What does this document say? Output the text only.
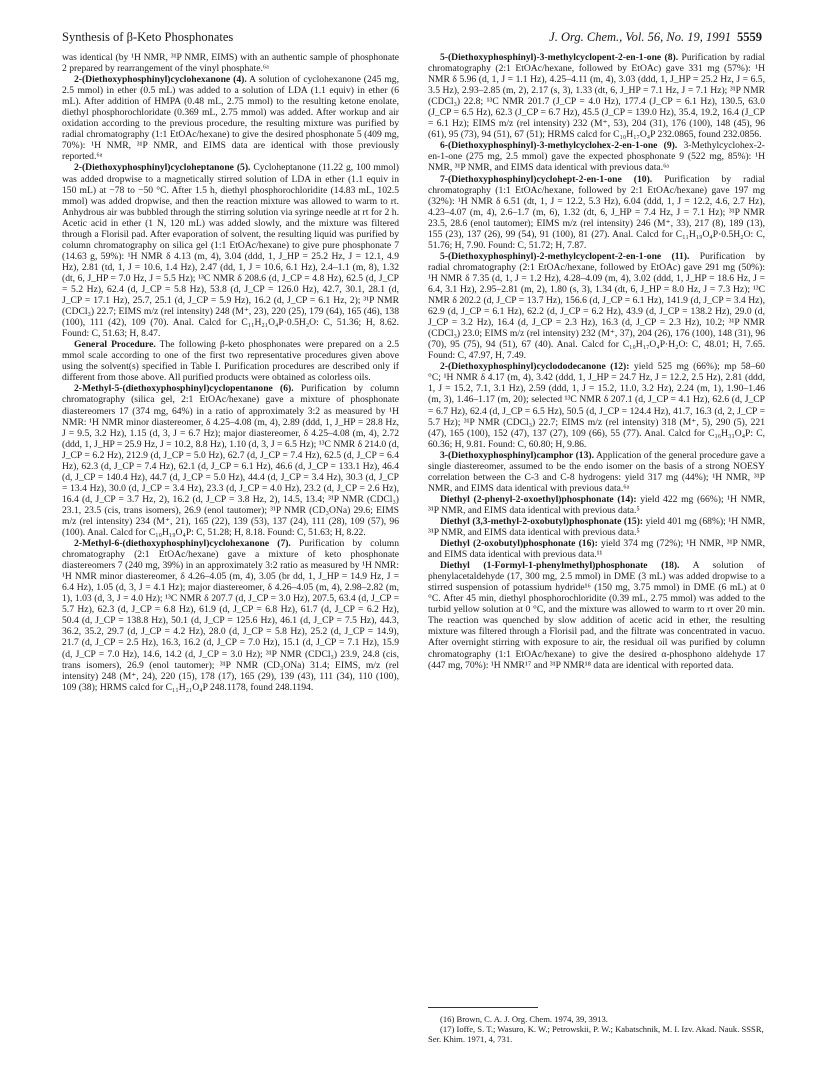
Synthesis of β-Keto Phosphonates	J. Org. Chem., Vol. 56, No. 19, 1991 5559

was identical (by ¹H NMR, ³¹P NMR, EIMS) with an authentic sample of phosphonate 2 prepared by rearrangement of the vinyl phosphate.⁶ᵃ

2-(Diethoxyphosphinyl)cyclohexanone (4). A solution of cyclohexanone (245 mg, 2.5 mmol) in ether (0.5 mL) was added to a solution of LDA (1.1 equiv) in ether (6 mL). After addition of HMPA (0.48 mL, 2.75 mmol) to the resulting ketone enolate, diethyl phosphorochloridate (0.369 mL, 2.75 mmol) was added. After workup and air oxidation according to the previous procedure, the resulting mixture was purified by radial chromatography (1:1 EtOAc/hexane) to give the desired phosphonate 5 (409 mg, 70%): ¹H NMR, ³¹P NMR, and EIMS data are identical with those previously reported.⁶ᵃ

2-(Diethoxyphosphinyl)cycloheptanone (5). Cycloheptanone (11.22 g, 100 mmol) was added dropwise to a magnetically stirred solution of LDA in ether (1.1 equiv in 150 mL) at −78 to −50 °C. After 1.5 h, diethyl phosphorochloridite (14.83 mL, 102.5 mmol) was added dropwise, and then the reaction mixture was allowed to warm to rt. Anhydrous air was bubbled through the stirring solution via syringe needle at rt for 2 h. Acetic acid in ether (1 N, 120 mL) was added slowly, and the mixture was filtered through a Florisil pad. After evaporation of solvent, the resulting liquid was purified by column chromatography on silica gel (1:1 EtOAc/hexane) to give pure phosphonate 7 (14.63 g, 59%): ¹H NMR δ 4.13 (m, 4), 3.04 (ddd, 1, J_HP = 25.2 Hz, J = 12.1, 4.9 Hz), 2.81 (td, 1, J = 10.6, 1.4 Hz), 2.47 (dd, 1, J = 10.6, 6.1 Hz), 2.4–1.1 (m, 8), 1.32 (dt, 6, J_HP = 7.0 Hz, J = 5.5 Hz); ¹³C NMR δ 208.6 (d, J_CP = 4.8 Hz), 62.5 (d, J_CP = 5.2 Hz), 62.4 (d, J_CP = 5.8 Hz), 53.8 (d, J_CP = 126.0 Hz), 42.7, 30.1, 28.1 (d, J_CP = 17.1 Hz), 25.7, 25.1 (d, J_CP = 5.9 Hz), 16.2 (d, J_CP = 6.1 Hz, 2); ³¹P NMR (CDCl₃) 22.7; EIMS m/z (rel intensity) 248 (M⁺, 23), 220 (25), 179 (64), 165 (46), 138 (100), 111 (42), 109 (70). Anal. Calcd for C₁₁H₂₁O₄P·0.5H₂O: C, 51.36; H, 8.62. Found: C, 51.63; H, 8.47.

General Procedure. The following β-keto phosphonates were prepared on a 2.5 mmol scale according to one of the first two representative procedures given above using the solvent(s) specified in Table I. Purification procedures are described only if different from those above. All purified products were obtained as colorless oils.

2-Methyl-5-(diethoxyphosphinyl)cyclopentanone (6). Purification by column chromatography (silica gel, 2:1 EtOAc/hexane) gave a mixture of phosphonate diastereomers 17 (374 mg, 64%) in a ratio of approximately 3:2 as measured by ¹H NMR: ¹H NMR minor diastereomer, δ 4.25–4.08 (m, 4), 2.89 (ddd, 1, J_HP = 28.8 Hz, J = 9.5, 3.2 Hz), 1.15 (d, 3, J = 6.7 Hz); major diastereomer, δ 4.25–4.08 (m, 4), 2.72 (ddd, 1, J_HP = 25.9 Hz, J = 10.2, 8.8 Hz), 1.10 (d, 3, J = 6.5 Hz); ¹³C NMR δ 214.0 (d, J_CP = 6.2 Hz), 212.9 (d, J_CP = 5.0 Hz), 62.7 (d, J_CP = 7.4 Hz), 62.5 (d, J_CP = 6.4 Hz), 62.3 (d, J_CP = 7.4 Hz), 62.1 (d, J_CP = 6.1 Hz), 46.6 (d, J_CP = 133.1 Hz), 46.4 (d, J_CP = 140.4 Hz), 44.7 (d, J_CP = 5.0 Hz), 44.4 (d, J_CP = 3.4 Hz), 30.3 (d, J_CP = 13.4 Hz), 30.0 (d, J_CP = 3.4 Hz), 23.3 (d, J_CP = 4.0 Hz), 23.2 (d, J_CP = 2.6 Hz), 16.4 (d, J_CP = 3.7 Hz, 2), 16.2 (d, J_CP = 3.8 Hz, 2), 14.5, 13.4; ³¹P NMR (CDCl₃) 23.1, 23.5 (cis, trans isomers), 26.9 (enol tautomer); ³¹P NMR (CD₃ONa) 29.6; EIMS m/z (rel intensity) 234 (M⁺, 21), 165 (22), 139 (53), 137 (24), 111 (28), 109 (57), 96 (100). Anal. Calcd for C₁₀H₁₉O₄P: C, 51.28; H, 8.18. Found: C, 51.63; H, 8.22.

2-Methyl-6-(diethoxyphosphinyl)cyclohexanone (7). Purification by column chromatography (2:1 EtOAc/hexane) gave a mixture of keto phosphonate diastereomers 7 (240 mg, 39%) in an approximately 3:2 ratio as measured by ¹H NMR: ¹H NMR minor diastereomer, δ 4.26–4.05 (m, 4), 3.05 (br dd, 1, J_HP = 14.9 Hz, J = 6.4 Hz), 1.05 (d, 3, J = 4.1 Hz); major diastereomer, δ 4.26–4.05 (m, 4), 2.98–2.82 (m, 1), 1.03 (d, 3, J = 4.0 Hz); ¹³C NMR δ 207.7 (d, J_CP = 3.0 Hz), 207.5, 63.4 (d, J_CP = 5.7 Hz), 62.3 (d, J_CP = 6.8 Hz), 61.9 (d, J_CP = 6.8 Hz), 61.7 (d, J_CP = 6.2 Hz), 50.4 (d, J_CP = 138.8 Hz), 50.1 (d, J_CP = 125.6 Hz), 46.1 (d, J_CP = 7.5 Hz), 44.3, 36.2, 35.2, 29.7 (d, J_CP = 4.2 Hz), 28.0 (d, J_CP = 5.8 Hz), 25.2 (d, J_CP = 14.9), 21.7 (d, J_CP = 2.5 Hz), 16.3, 16.2 (d, J_CP = 7.0 Hz), 15.1 (d, J_CP = 7.1 Hz), 15.9 (d, J_CP = 7.0 Hz), 14.6, 14.2 (d, J_CP = 3.0 Hz); ³¹P NMR (CDCl₃) 23.9, 24.8 (cis, trans isomers), 26.9 (enol tautomer); ³¹P NMR (CD₃ONa) 31.4; EIMS, m/z (rel intensity) 248 (M⁺, 24), 220 (15), 178 (17), 165 (29), 139 (43), 111 (34), 110 (100), 109 (38); HRMS calcd for C₁₁H₂₁O₄P 248.1178, found 248.1194.

5-(Diethoxyphosphinyl)-3-methylcyclopent-2-en-1-one (8). Purification by radial chromatography (2:1 EtOAc/hexane, followed by EtOAc) gave 331 mg (57%): ¹H NMR δ 5.96 (d, 1, J = 1.1 Hz), 4.25–4.11 (m, 4), 3.03 (ddd, 1, J_HP = 25.2 Hz, J = 6.5, 3.5 Hz), 2.93–2.85 (m, 2), 2.17 (s, 3), 1.33 (dt, 6, J_HP = 7.1 Hz, J = 7.1 Hz); ³¹P NMR (CDCl₃) 22.8; ¹³C NMR 201.7 (J_CP = 4.0 Hz), 177.4 (J_CP = 6.1 Hz), 130.5, 63.0 (J_CP = 6.5 Hz), 62.3 (J_CP = 6.7 Hz), 45.5 (J_CP = 139.0 Hz), 35.4, 19.2, 16.4 (J_CP = 6.1 Hz); EIMS m/z (rel intensity) 232 (M⁺, 53), 204 (31), 176 (100), 148 (45), 96 (61), 95 (73), 94 (51), 67 (51); HRMS calcd for C₁₀H₁₇O₄P 232.0865, found 232.0856.

6-(Diethoxyphosphinyl)-3-methylcyclohex-2-en-1-one (9). 3-Methylcyclohex-2-en-1-one (275 mg, 2.5 mmol) gave the expected phosphonate 9 (522 mg, 85%): ¹H NMR, ³¹P NMR, and EIMS data identical with previous data.⁶ᵃ

7-(Diethoxyphosphinyl)cyclohept-2-en-1-one (10). Purification by radial chromatography (1:1 EtOAc/hexane, followed by 2:1 EtOAc/hexane) gave 197 mg (32%): ¹H NMR δ 6.51 (dt, 1, J = 12.2, 5.3 Hz), 6.04 (ddd, 1, J = 12.2, 4.6, 2.7 Hz), 4.23–4.07 (m, 4), 2.6–1.7 (m, 6), 1.32 (dt, 6, J_HP = 7.4 Hz, J = 7.1 Hz); ³¹P NMR 23.5, 28.6 (enol tautomer); EIMS m/z (rel intensity) 246 (M⁺, 33), 217 (8), 189 (13), 155 (23), 137 (26), 99 (54), 91 (100), 81 (27). Anal. Calcd for C₁₁H₁₉O₄P·0.5H₂O: C, 51.76; H, 7.90. Found: C, 51.72; H, 7.87.

5-(Diethoxyphosphinyl)-2-methylcyclopent-2-en-1-one (11). Purification by radial chromatography (2:1 EtOAc/hexane, followed by EtOAc) gave 291 mg (50%): ¹H NMR δ 7.35 (d, 1, J = 1.2 Hz), 4.28–4.09 (m, 4), 3.02 (ddd, 1, J_HP = 18.6 Hz, J = 6.4, 3.1 Hz), 2.95–2.81 (m, 2), 1.80 (s, 3), 1.34 (dt, 6, J_HP = 8.0 Hz, J = 7.3 Hz); ¹³C NMR δ 202.2 (d, J_CP = 13.7 Hz), 156.6 (d, J_CP = 6.1 Hz), 141.9 (d, J_CP = 3.4 Hz), 62.9 (d, J_CP = 6.1 Hz), 62.2 (d, J_CP = 6.2 Hz), 43.9 (d, J_CP = 138.2 Hz), 29.0 (d, J_CP = 3.2 Hz), 16.4 (d, J_CP = 2.3 Hz), 16.3 (d, J_CP = 2.3 Hz), 10.2; ³¹P NMR (CDCl₃) 23.0; EIMS m/z (rel intensity) 232 (M⁺, 37), 204 (26), 176 (100), 148 (31), 96 (70), 95 (75), 94 (51), 67 (40). Anal. Calcd for C₁₀H₁₇O₄P·H₂O: C, 48.01; H, 7.65. Found: C, 47.97, H, 7.49.

2-(Diethoxyphosphinyl)cyclododecanone (12): yield 525 mg (66%); mp 58–60 °C; ¹H NMR δ 4.17 (m, 4), 3.42 (ddd, 1, J_HP = 24.7 Hz, J = 12.2, 2.5 Hz), 2.81 (ddd, 1, J = 15.2, 7.1, 3.1 Hz), 2.59 (ddd, 1, J = 15.2, 11.0, 3.2 Hz), 2.24 (m, 1), 1.90–1.46 (m, 3), 1.46–1.17 (m, 20); selected ¹³C NMR δ 207.1 (d, J_CP = 4.1 Hz), 62.6 (d, J_CP = 6.7 Hz), 62.4 (d, J_CP = 6.5 Hz), 50.5 (d, J_CP = 124.4 Hz), 41.7, 16.3 (d, 2, J_CP = 5.7 Hz); ³¹P NMR (CDCl₃) 22.7; EIMS m/z (rel intensity) 318 (M⁺, 5), 290 (5), 221 (47), 165 (100), 152 (47), 137 (27), 109 (66), 55 (77). Anal. Calcd for C₁₆H₃₁O₄P: C, 60.36; H, 9.81. Found: C, 60.80; H, 9.86.

3-(Diethoxyphosphinyl)camphor (13). Application of the general procedure gave a single diastereomer, assumed to be the endo isomer on the basis of a strong NOESY correlation between the C-3 and C-8 hydrogens: yield 317 mg (44%); ¹H NMR, ³¹P NMR, and EIMS data identical with previous data.⁶ᵃ

Diethyl (2-phenyl-2-oxoethyl)phosphonate (14): yield 422 mg (66%); ¹H NMR, ³¹P NMR, and EIMS data identical with previous data.⁵

Diethyl (3,3-methyl-2-oxobutyl)phosphonate (15): yield 401 mg (68%); ¹H NMR, ³¹P NMR, and EIMS data identical with previous data.⁵

Diethyl (2-oxobutyl)phosphonate (16): yield 374 mg (72%); ¹H NMR, ³¹P NMR, and EIMS data identical with previous data.¹¹

Diethyl (1-Formyl-1-phenylmethyl)phosphonate (18). A solution of phenylacetaldehyde (17, 300 mg, 2.5 mmol) in DME (3 mL) was added dropwise to a stirred suspension of potassium hydride¹⁶ (150 mg, 3.75 mmol) in DME (6 mL) at 0 °C. After 45 min, diethyl phosphorochloridite (0.39 mL, 2.75 mmol) was added to the turbid yellow solution at 0 °C, and the mixture was allowed to warm to rt over 20 min. The reaction was quenched by slow addition of acetic acid in ether, the resulting mixture was filtered through a Florisil pad, and the filtrate was concentrated in vacuo. After overnight stirring with exposure to air, the residual oil was purified by column chromatography (1:1 EtOAc/hexane) to give the desired α-phosphono aldehyde 17 (447 mg, 70%): ¹H NMR¹⁷ and ³¹P NMR¹⁸ data are identical with reported data.

(16) Brown, C. A. J. Org. Chem. 1974, 39, 3913.
(17) Ioffe, S. T.; Wasuro, K. W.; Petrowskii, P. W.; Kabatschnik, M. I. Izv. Akad. Nauk. SSSR, Ser. Khim. 1971, 4, 731.
